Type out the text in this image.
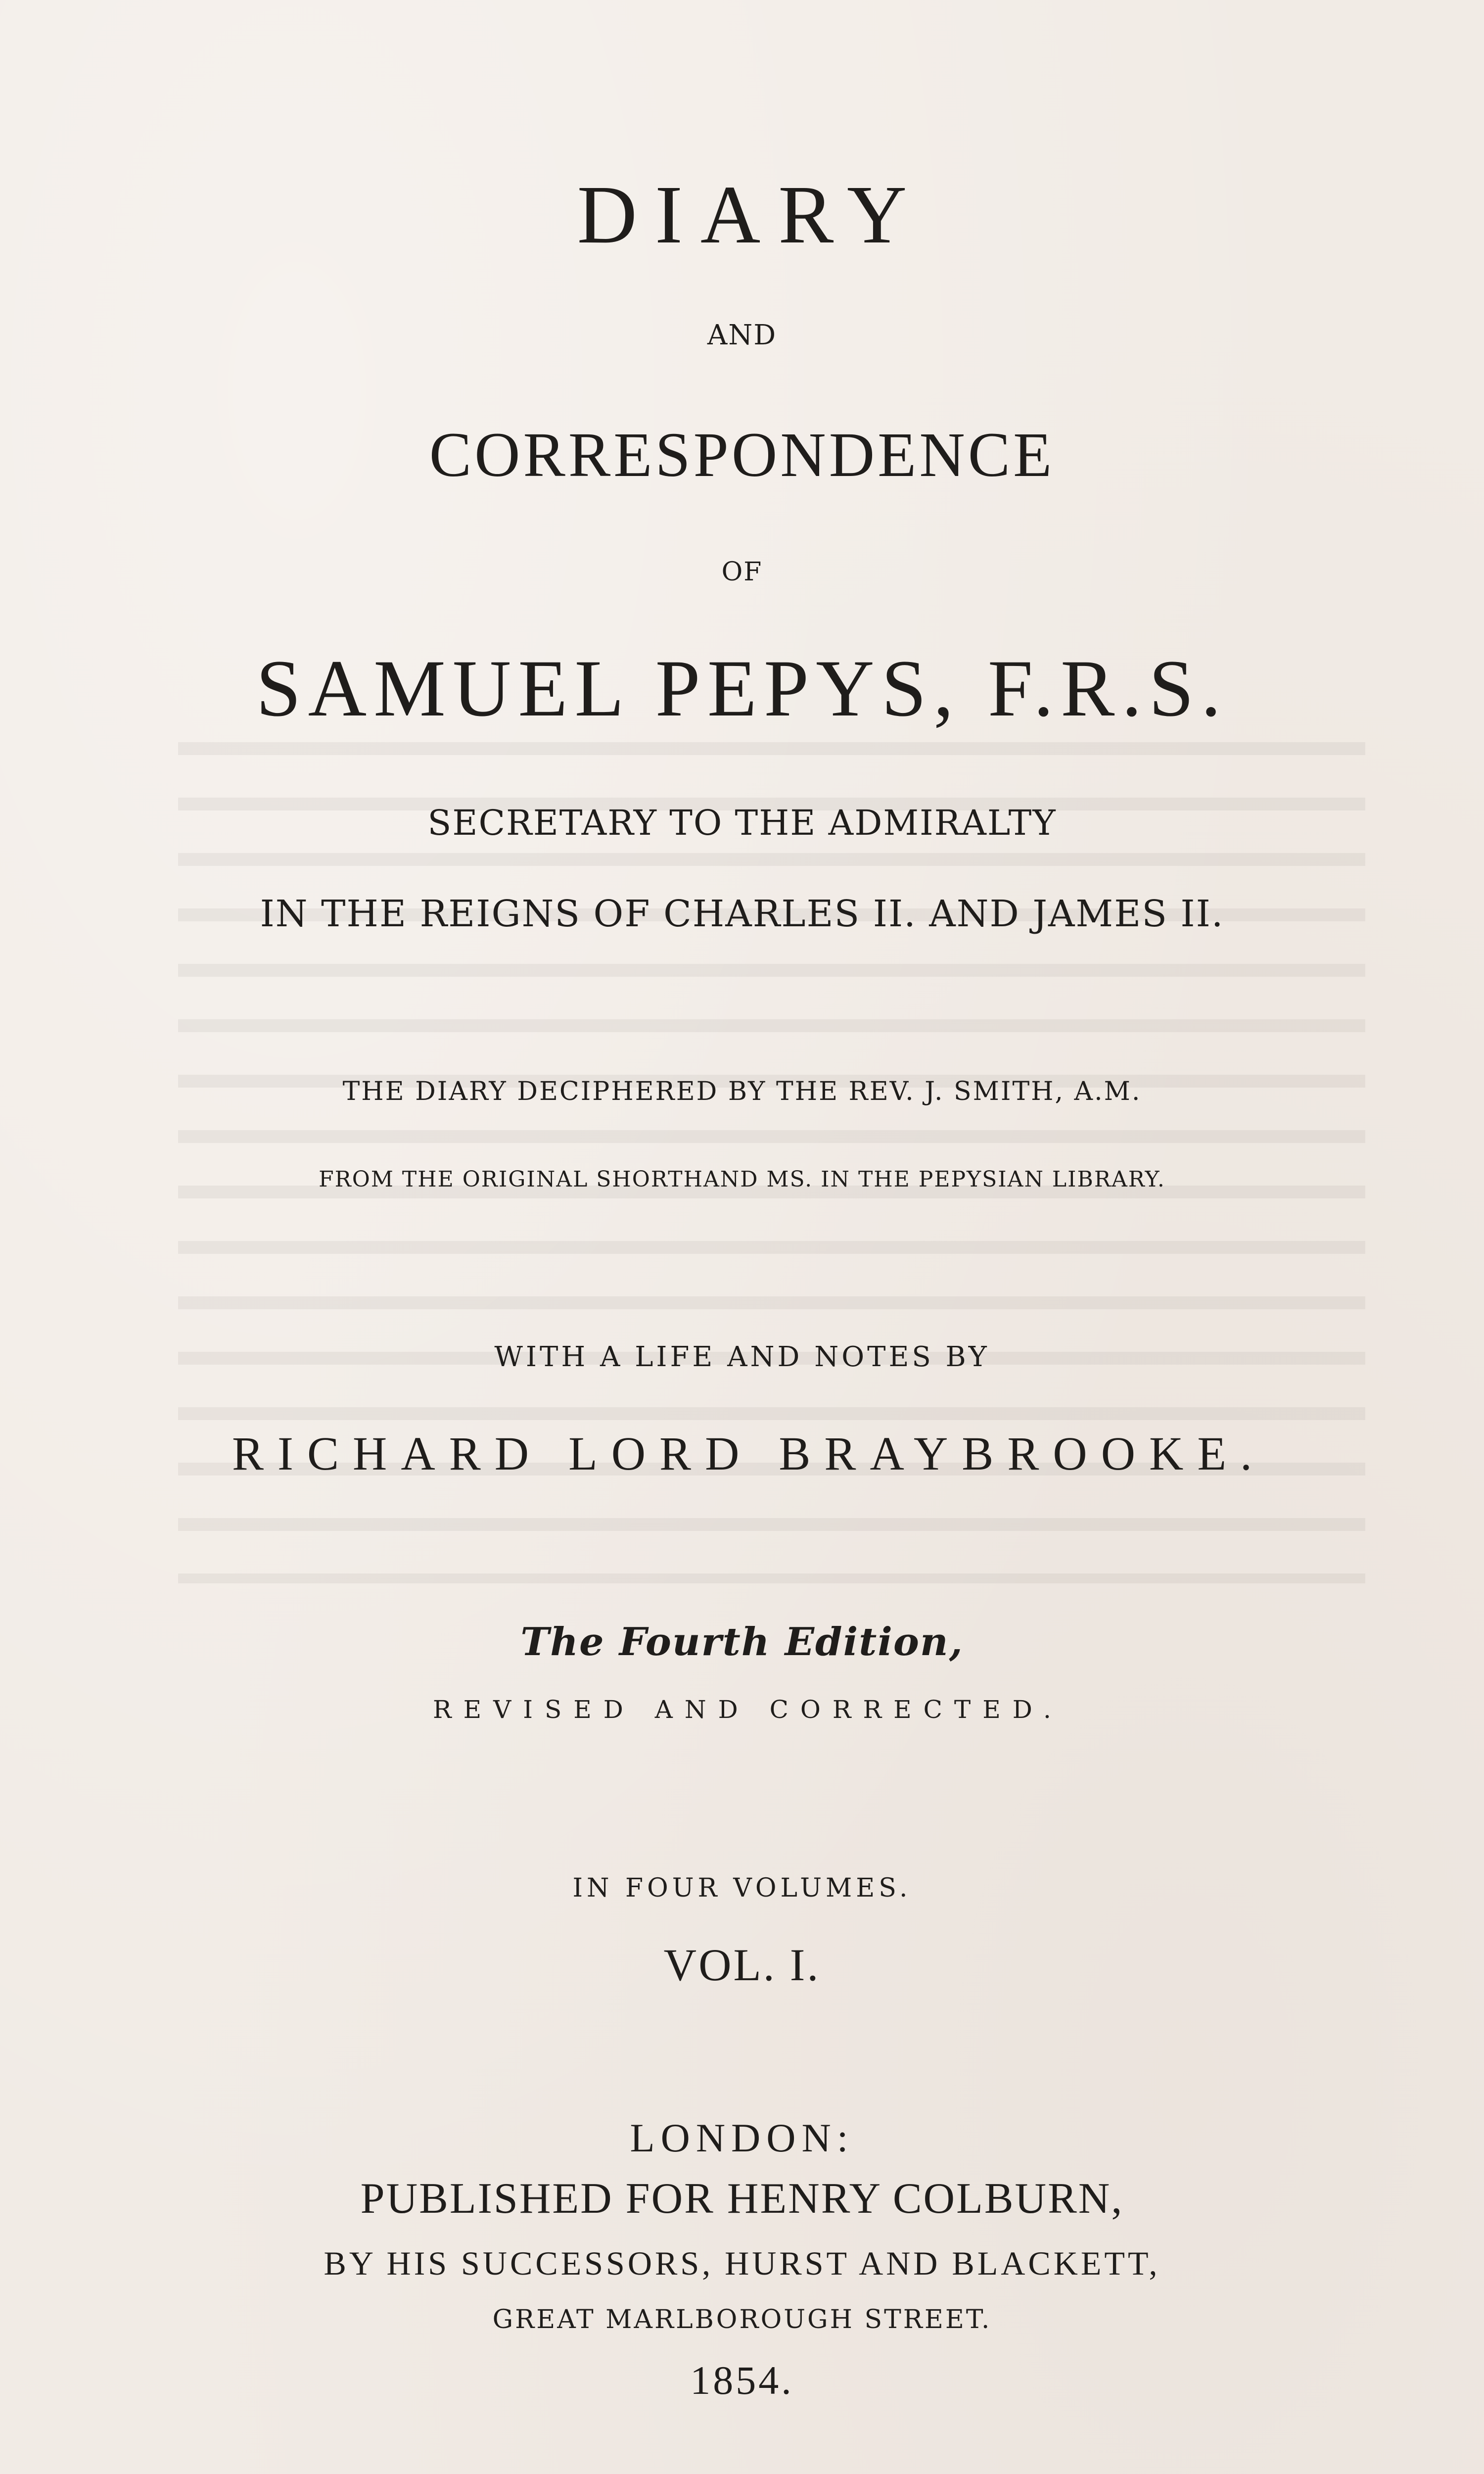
DIARY
AND
CORRESPONDENCE
OF
SAMUEL PEPYS, F.R.S.
SECRETARY TO THE ADMIRALTY
IN THE REIGNS OF CHARLES II. AND JAMES II.
THE DIARY DECIPHERED BY THE REV. J. SMITH, A.M.
FROM THE ORIGINAL SHORTHAND MS. IN THE PEPYSIAN LIBRARY.
WITH A LIFE AND NOTES BY
RICHARD LORD BRAYBROOKE.
The Fourth Edition,
REVISED AND CORRECTED.
IN FOUR VOLUMES.
VOL. I.
LONDON:
PUBLISHED FOR HENRY COLBURN,
BY HIS SUCCESSORS, HURST AND BLACKETT,
GREAT MARLBOROUGH STREET.
1854.
